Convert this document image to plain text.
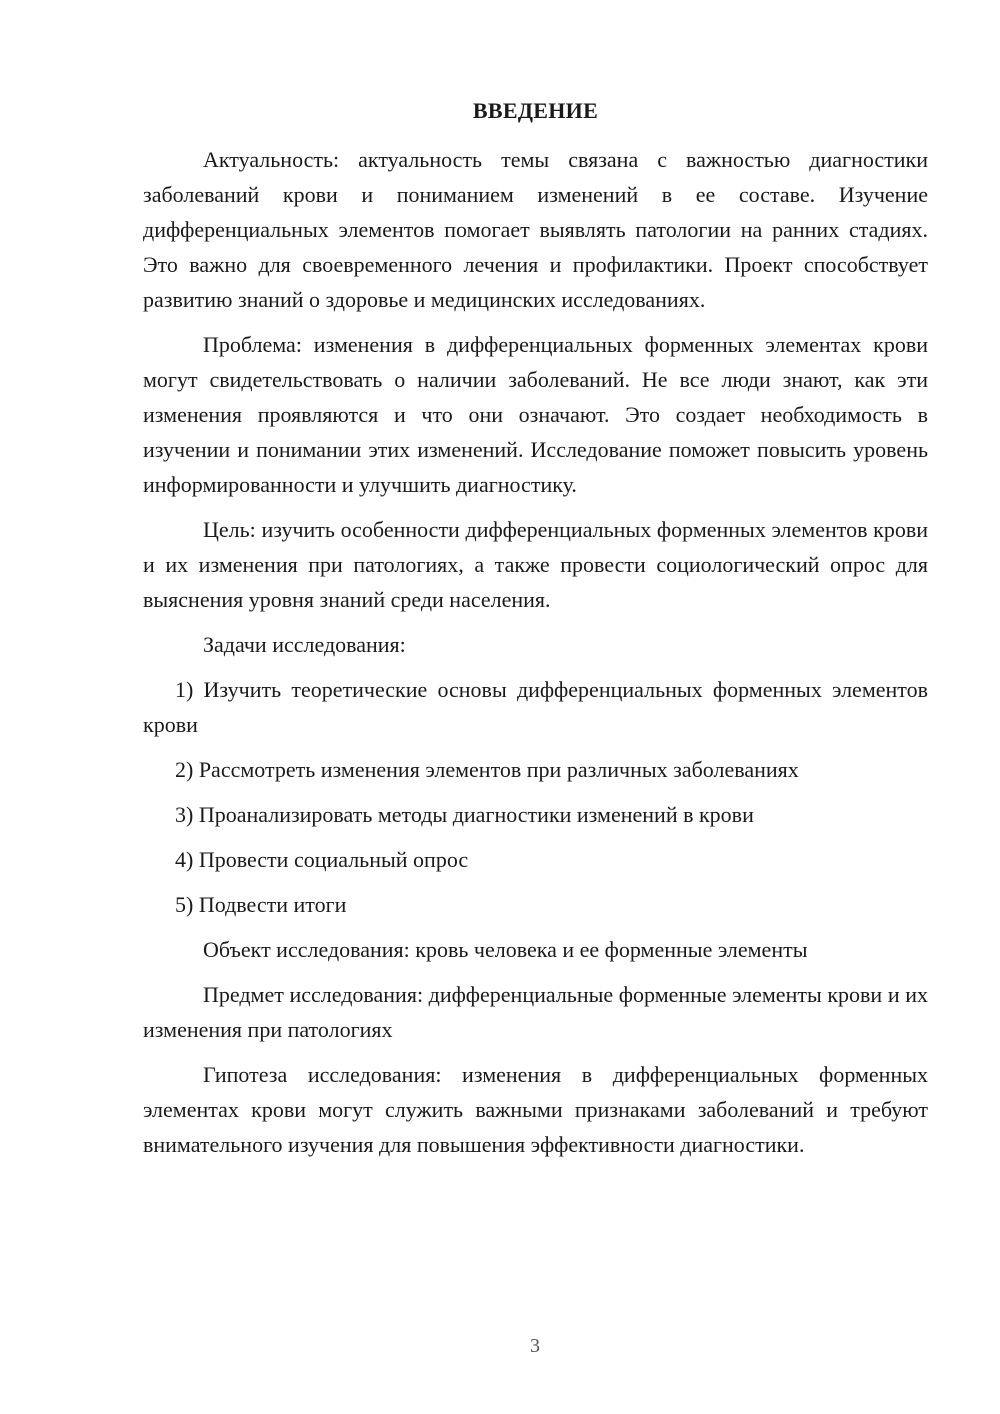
ВВЕДЕНИЕ

Актуальность: актуальность темы связана с важностью диагностики заболеваний крови и пониманием изменений в ее составе. Изучение дифференциальных элементов помогает выявлять патологии на ранних стадиях. Это важно для своевременного лечения и профилактики. Проект способствует развитию знаний о здоровье и медицинских исследованиях.

Проблема: изменения в дифференциальных форменных элементах крови могут свидетельствовать о наличии заболеваний. Не все люди знают, как эти изменения проявляются и что они означают. Это создает необходимость в изучении и понимании этих изменений. Исследование поможет повысить уровень информированности и улучшить диагностику.

Цель: изучить особенности дифференциальных форменных элементов крови и их изменения при патологиях, а также провести социологический опрос для выяснения уровня знаний среди населения.

Задачи исследования:

1) Изучить теоретические основы дифференциальных форменных элементов крови

2) Рассмотреть изменения элементов при различных заболеваниях

3) Проанализировать методы диагностики изменений в крови

4) Провести социальный опрос

5) Подвести итоги

Объект исследования: кровь человека и ее форменные элементы

Предмет исследования: дифференциальные форменные элементы крови и их изменения при патологиях

Гипотеза исследования: изменения в дифференциальных форменных элементах крови могут служить важными признаками заболеваний и требуют внимательного изучения для повышения эффективности диагностики.

3
